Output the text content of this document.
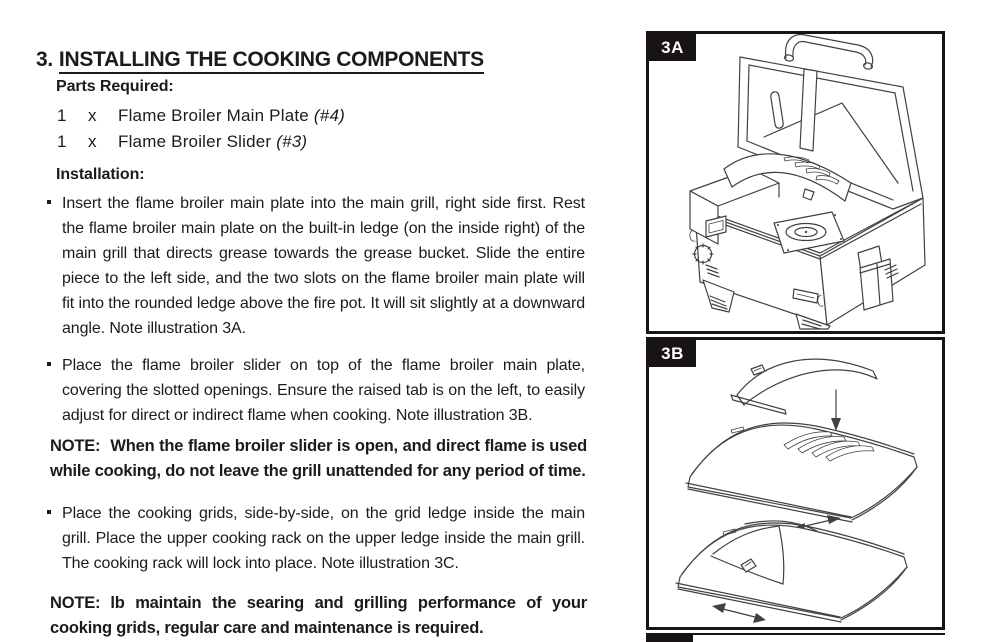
3. INSTALLING THE COOKING COMPONENTS
Parts Required:
1 x Flame Broiler Main Plate (#4)
1 x Flame Broiler Slider (#3)
Installation:

Insert the flame broiler main plate into the main grill, right side first. Rest the flame broiler main plate on the built-in ledge (on the inside right) of the main grill that directs grease towards the grease bucket. Slide the entire piece to the left side, and the two slots on the flame broiler main plate will fit into the rounded ledge above the fire pot. It will sit slightly at a downward angle. Note illustration 3A.

Place the flame broiler slider on top of the flame broiler main plate, covering the slotted openings. Ensure the raised tab is on the left, to easily adjust for direct or indirect flame when cooking. Note illustration 3B.

NOTE: When the flame broiler slider is open, and direct flame is used while cooking, do not leave the grill unattended for any period of time.

Place the cooking grids, side-by-side, on the grid ledge inside the main grill. Place the upper cooking rack on the upper ledge inside the main grill. The cooking rack will lock into place. Note illustration 3C.

NOTE: lb maintain the searing and grilling performance of your cooking grids, regular care and maintenance is required.
3A
3B
